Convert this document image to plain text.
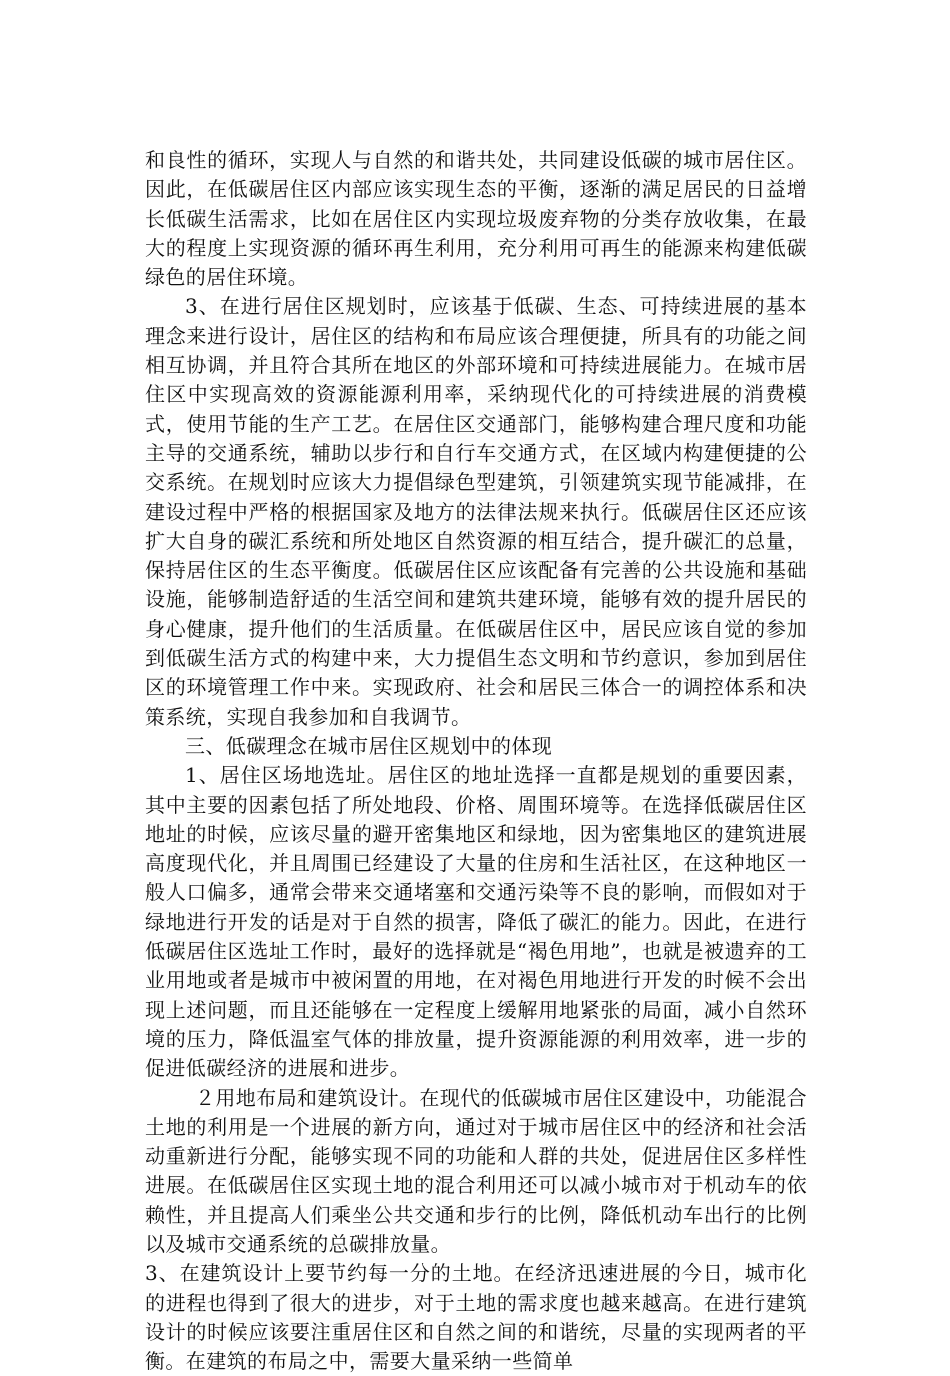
和良性的循环，实现人与自然的和谐共处，共同建设低碳的城市居住区。因此，在低碳居住区内部应该实现生态的平衡，逐渐的满足居民的日益增长低碳生活需求，比如在居住区内实现垃圾废弃物的分类存放收集，在最大的程度上实现资源的循环再生利用，充分利用可再生的能源来构建低碳绿色的居住环境。

3、在进行居住区规划时，应该基于低碳、生态、可持续进展的基本理念来进行设计，居住区的结构和布局应该合理便捷，所具有的功能之间相互协调，并且符合其所在地区的外部环境和可持续进展能力。在城市居住区中实现高效的资源能源利用率，采纳现代化的可持续进展的消费模式，使用节能的生产工艺。在居住区交通部门，能够构建合理尺度和功能主导的交通系统，辅助以步行和自行车交通方式，在区域内构建便捷的公交系统。在规划时应该大力提倡绿色型建筑，引领建筑实现节能减排，在建设过程中严格的根据国家及地方的法律法规来执行。低碳居住区还应该扩大自身的碳汇系统和所处地区自然资源的相互结合，提升碳汇的总量，保持居住区的生态平衡度。低碳居住区应该配备有完善的公共设施和基础设施，能够制造舒适的生活空间和建筑共建环境，能够有效的提升居民的身心健康，提升他们的生活质量。在低碳居住区中，居民应该自觉的参加到低碳生活方式的构建中来，大力提倡生态文明和节约意识，参加到居住区的环境管理工作中来。实现政府、社会和居民三体合一的调控体系和决策系统，实现自我参加和自我调节。

三、低碳理念在城市居住区规划中的体现

1、居住区场地选址。居住区的地址选择一直都是规划的重要因素，其中主要的因素包括了所处地段、价格、周围环境等。在选择低碳居住区地址的时候，应该尽量的避开密集地区和绿地，因为密集地区的建筑进展高度现代化，并且周围已经建设了大量的住房和生活社区，在这种地区一般人口偏多，通常会带来交通堵塞和交通污染等不良的影响，而假如对于绿地进行开发的话是对于自然的损害，降低了碳汇的能力。因此，在进行低碳居住区选址工作时，最好的选择就是“褐色用地”，也就是被遗弃的工业用地或者是城市中被闲置的用地，在对褐色用地进行开发的时候不会出现上述问题，而且还能够在一定程度上缓解用地紧张的局面，减小自然环境的压力，降低温室气体的排放量，提升资源能源的利用效率，进一步的促进低碳经济的进展和进步。

２用地布局和建筑设计。在现代的低碳城市居住区建设中，功能混合土地的利用是一个进展的新方向，通过对于城市居住区中的经济和社会活动重新进行分配，能够实现不同的功能和人群的共处，促进居住区多样性进展。在低碳居住区实现土地的混合利用还可以减小城市对于机动车的依赖性，并且提高人们乘坐公共交通和步行的比例，降低机动车出行的比例以及城市交通系统的总碳排放量。

3、在建筑设计上要节约每一分的土地。在经济迅速进展的今日，城市化的进程也得到了很大的进步，对于土地的需求度也越来越高。在进行建筑设计的时候应该要注重居住区和自然之间的和谐统，尽量的实现两者的平衡。在建筑的布局之中，需要大量采纳一些简单
